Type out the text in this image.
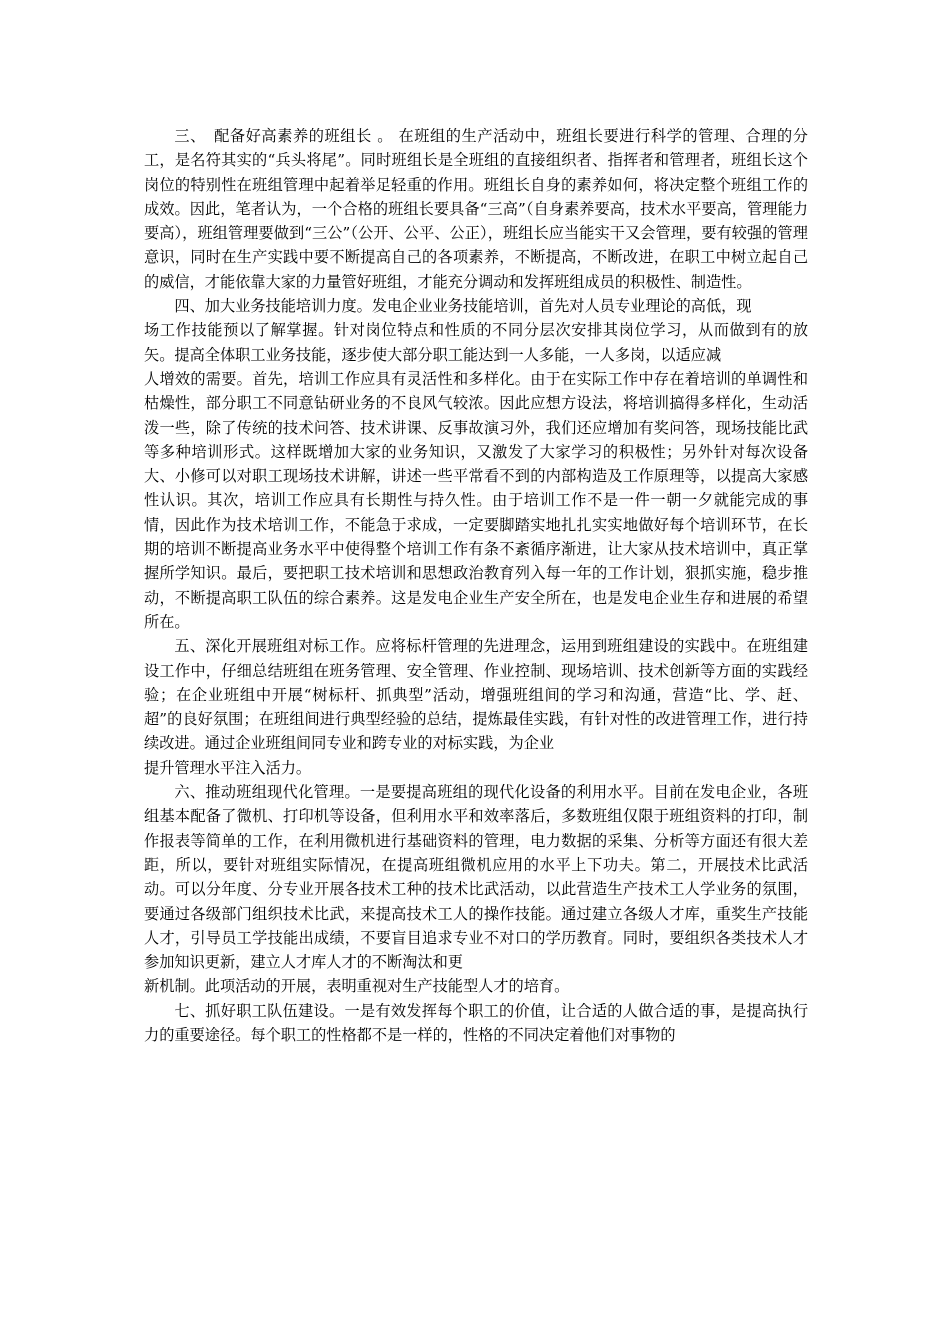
三、　配备好高素养的班组长 。 在班组的生产活动中，班组长要进行科学的管理、合理的分工，是名符其实的“兵头将尾”。同时班组长是全班组的直接组织者、指挥者和管理者，班组长这个岗位的特别性在班组管理中起着举足轻重的作用。班组长自身的素养如何，将决定整个班组工作的成效。因此，笔者认为，一个合格的班组长要具备“三高”（自身素养要高，技术水平要高，管理能力要高），班组管理要做到“三公”（公开、公平、公正），班组长应当能实干又会管理，要有较强的管理意识，同时在生产实践中要不断提高自己的各项素养，不断提高，不断改进，在职工中树立起自己的威信，才能依靠大家的力量管好班组，才能充分调动和发挥班组成员的积极性、制造性。

四、加大业务技能培训力度。发电企业业务技能培训，首先对人员专业理论的高低，现

场工作技能预以了解掌握。针对岗位特点和性质的不同分层次安排其岗位学习，从而做到有的放矢。提高全体职工业务技能，逐步使大部分职工能达到一人多能，一人多岗，以适应减

人增效的需要。首先，培训工作应具有灵活性和多样化。由于在实际工作中存在着培训的单调性和枯燥性，部分职工不同意钻研业务的不良风气较浓。因此应想方设法，将培训搞得多样化，生动活泼一些，除了传统的技术问答、技术讲课、反事故演习外，我们还应增加有奖问答，现场技能比武等多种培训形式。这样既增加大家的业务知识，又激发了大家学习的积极性；另外针对每次设备大、小修可以对职工现场技术讲解，讲述一些平常看不到的内部构造及工作原理等，以提高大家感性认识。其次，培训工作应具有长期性与持久性。由于培训工作不是一件一朝一夕就能完成的事情，因此作为技术培训工作，不能急于求成，一定要脚踏实地扎扎实实地做好每个培训环节，在长期的培训不断提高业务水平中使得整个培训工作有条不紊循序渐进，让大家从技术培训中，真正掌握所学知识。最后，要把职工技术培训和思想政治教育列入每一年的工作计划，狠抓实施，稳步推动，不断提高职工队伍的综合素养。这是发电企业生产安全所在，也是发电企业生存和进展的希望所在。

五、深化开展班组对标工作。应将标杆管理的先进理念，运用到班组建设的实践中。在班组建设工作中，仔细总结班组在班务管理、安全管理、作业控制、现场培训、技术创新等方面的实践经验；在企业班组中开展“树标杆、抓典型”活动，增强班组间的学习和沟通，营造“比、学、赶、超”的良好氛围；在班组间进行典型经验的总结，提炼最佳实践，有针对性的改进管理工作，进行持续改进。通过企业班组间同专业和跨专业的对标实践，为企业

提升管理水平注入活力。

六、推动班组现代化管理。一是要提高班组的现代化设备的利用水平。目前在发电企业，各班组基本配备了微机、打印机等设备，但利用水平和效率落后，多数班组仅限于班组资料的打印，制作报表等简单的工作，在利用微机进行基础资料的管理，电力数据的采集、分析等方面还有很大差距，所以，要针对班组实际情况，在提高班组微机应用的水平上下功夫。第二，开展技术比武活动。可以分年度、分专业开展各技术工种的技术比武活动，以此营造生产技术工人学业务的氛围，要通过各级部门组织技术比武，来提高技术工人的操作技能。通过建立各级人才库，重奖生产技能人才，引导员工学技能出成绩，不要盲目追求专业不对口的学历教育。同时，要组织各类技术人才参加知识更新，建立人才库人才的不断淘汰和更

新机制。此项活动的开展，表明重视对生产技能型人才的培育。

七、抓好职工队伍建设。一是有效发挥每个职工的价值，让合适的人做合适的事，是提高执行力的重要途径。每个职工的性格都不是一样的，性格的不同决定着他们对事物的
